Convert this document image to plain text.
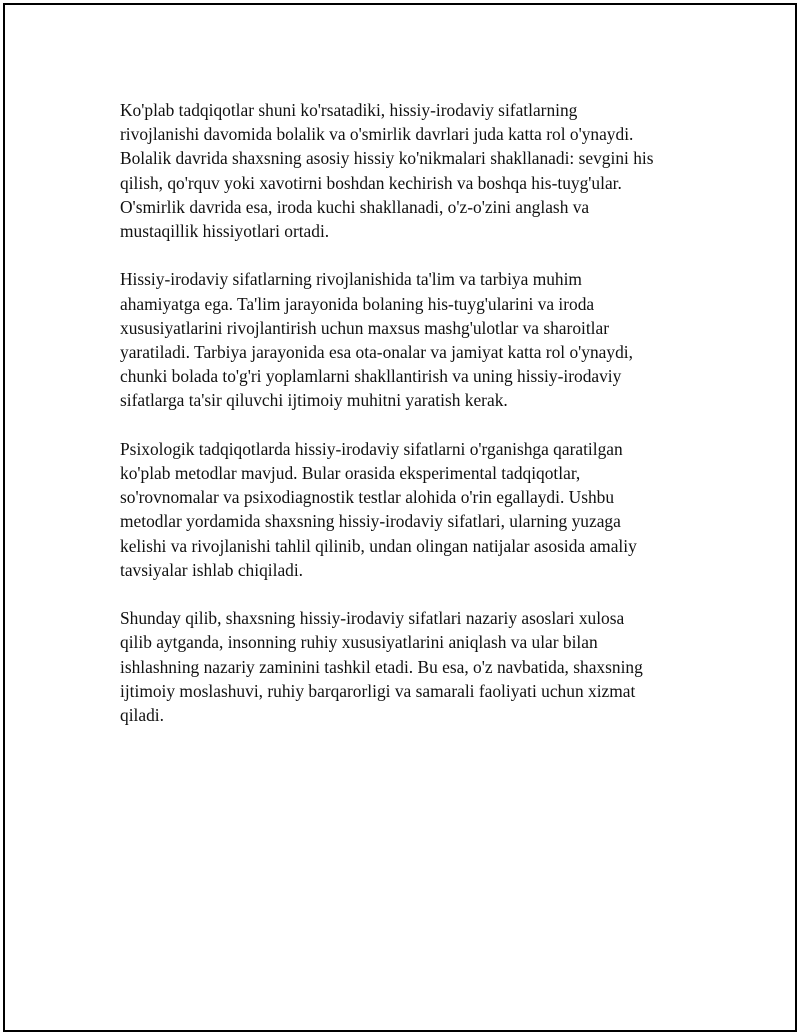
Ko'plab tadqiqotlar shuni ko'rsatadiki, hissiy-irodaviy sifatlarning
rivojlanishi davomida bolalik va o'smirlik davrlari juda katta rol o'ynaydi.
Bolalik davrida shaxsning asosiy hissiy ko'nikmalari shakllanadi: sevgini his
qilish, qo'rquv yoki xavotirni boshdan kechirish va boshqa his-tuyg'ular.
O'smirlik davrida esa, iroda kuchi shakllanadi, o'z-o'zini anglash va
mustaqillik hissiyotlari ortadi.

Hissiy-irodaviy sifatlarning rivojlanishida ta'lim va tarbiya muhim
ahamiyatga ega. Ta'lim jarayonida bolaning his-tuyg'ularini va iroda
xususiyatlarini rivojlantirish uchun maxsus mashg'ulotlar va sharoitlar
yaratiladi. Tarbiya jarayonida esa ota-onalar va jamiyat katta rol o'ynaydi,
chunki bolada to'g'ri yoplamlarni shakllantirish va uning hissiy-irodaviy
sifatlarga ta'sir qiluvchi ijtimoiy muhitni yaratish kerak.

Psixologik tadqiqotlarda hissiy-irodaviy sifatlarni o'rganishga qaratilgan
ko'plab metodlar mavjud. Bular orasida eksperimental tadqiqotlar,
so'rovnomalar va psixodiagnostik testlar alohida o'rin egallaydi. Ushbu
metodlar yordamida shaxsning hissiy-irodaviy sifatlari, ularning yuzaga
kelishi va rivojlanishi tahlil qilinib, undan olingan natijalar asosida amaliy
tavsiyalar ishlab chiqiladi.

Shunday qilib, shaxsning hissiy-irodaviy sifatlari nazariy asoslari xulosa
qilib aytganda, insonning ruhiy xususiyatlarini aniqlash va ular bilan
ishlashning nazariy zaminini tashkil etadi. Bu esa, o'z navbatida, shaxsning
ijtimoiy moslashuvi, ruhiy barqarorligi va samarali faoliyati uchun xizmat
qiladi.
